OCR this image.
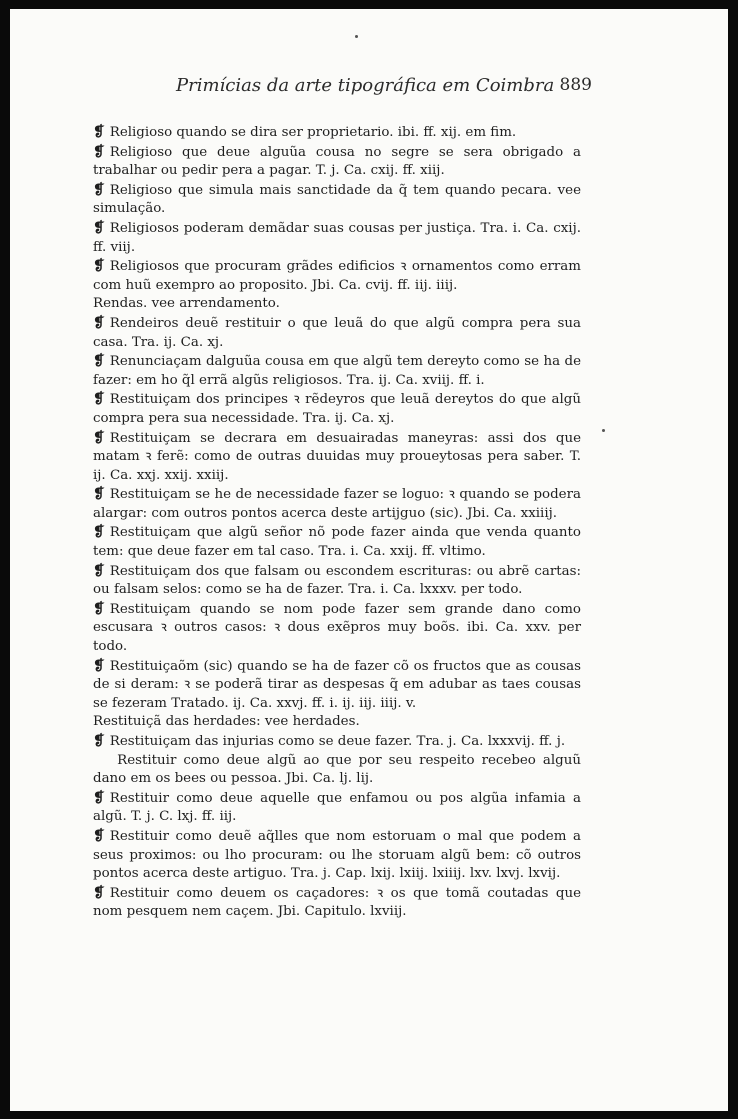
Primícias da arte tipográfica em Coimbra 889

❡ Religioso quando se dira ser proprietario. ibi. ff. xij. em fim.

❡ Religioso que deue alguũa cousa no segre se sera obrigado a trabalhar ou pedir pera a pagar. T. j. Ca. cxij. ff. xiij.

❡ Religioso que simula mais sanctidade da q̃ tem quando pecara. vee simulação.

❡ Religiosos poderam demãdar suas cousas per justiça. Tra. i. Ca. cxij. ff. viij.

❡ Religiosos que procuram grãdes edificios ꝛ ornamentos como erram com huũ exempro ao proposito. Jbi. Ca. cvij. ff. iij. iiij.

Rendas. vee arrendamento.

❡ Rendeiros deuẽ restituir o que leuã do que algũ compra pera sua casa. Tra. ij. Ca. xj.

❡ Renunciaçam dalguũa cousa em que algũ tem dereyto como se ha de fazer: em ho q̃l errã algũs religiosos. Tra. ij. Ca. xviij. ff. i.

❡ Restituiçam dos principes ꝛ rẽdeyros que leuã dereytos do que algũ compra pera sua necessidade. Tra. ij. Ca. xj.

❡ Restituiçam se decrara em desuairadas maneyras: assi dos que matam ꝛ ferẽ: como de outras duuidas muy proueytosas pera saber. T. ij. Ca. xxj. xxij. xxiij.

❡ Restituiçam se he de necessidade fazer se loguo: ꝛ quando se podera alargar: com outros pontos acerca deste artijguo (sic). Jbi. Ca. xxiiij.

❡ Restituiçam que algũ señor nõ pode fazer ainda que venda quanto tem: que deue fazer em tal caso. Tra. i. Ca. xxij. ff. vltimo.

❡ Restituiçam dos que falsam ou escondem escrituras: ou abrẽ cartas: ou falsam selos: como se ha de fazer. Tra. i. Ca. lxxxv. per todo.

❡ Restituiçam quando se nom pode fazer sem grande dano como escusara ꝛ outros casos: ꝛ dous exẽpros muy boõs. ibi. Ca. xxv. per todo.

❡ Restituiçaõm (sic) quando se ha de fazer cõ os fructos que as cousas de si deram: ꝛ se poderã tirar as despesas q̃ em adubar as taes cousas se fezeram Tratado. ij. Ca. xxvj. ff. i. ij. iij. iiij. v.

Restituiçã das herdades: vee herdades.

❡ Restituiçam das injurias como se deue fazer. Tra. j. Ca. lxxxvij. ff. j.

Restituir como deue algũ ao que por seu respeito recebeo alguũ dano em os bees ou pessoa. Jbi. Ca. lj. lij.

❡ Restituir como deue aquelle que enfamou ou pos algũa infamia a algũ. T. j. C. lxj. ff. iij.

❡ Restituir como deuẽ aq̃lles que nom estoruam o mal que podem a seus proximos: ou lho procuram: ou lhe storuam algũ bem: cõ outros pontos acerca deste artiguo. Tra. j. Cap. lxij. lxiij. lxiiij. lxv. lxvj. lxvij.

❡ Restituir como deuem os caçadores: ꝛ os que tomã coutadas que nom pesquem nem caçem. Jbi. Capitulo. lxviij.
